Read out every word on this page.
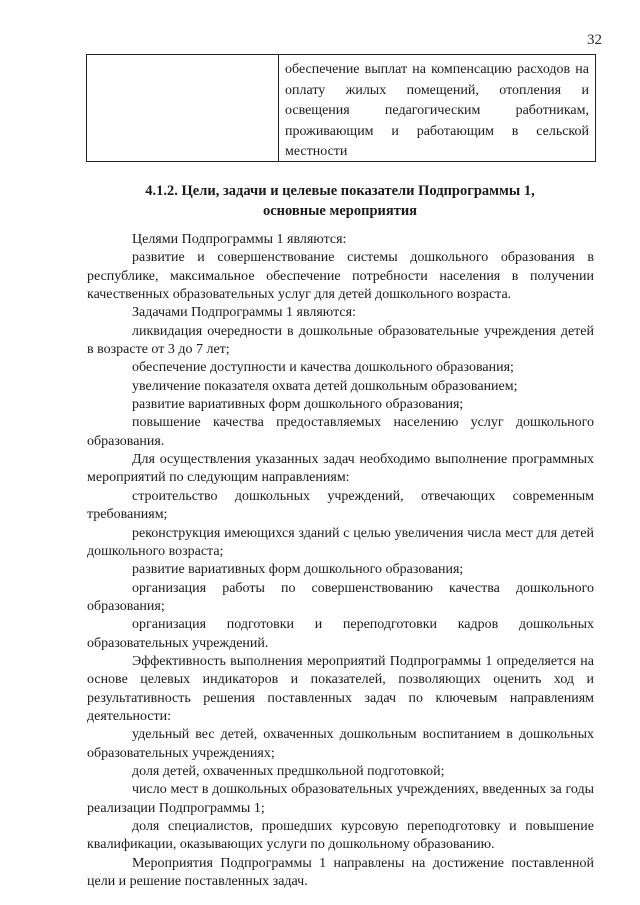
32
обеспечение выплат на компенсацию расходов на оплату жилых помещений, отопления и освещения педагогическим работникам, проживающим и работающим в сельской местности
4.1.2. Цели, задачи и целевые показатели Подпрограммы 1,
основные мероприятия

Целями Подпрограммы 1 являются:

развитие и совершенствование системы дошкольного образования в республике, максимальное обеспечение потребности населения в получении качественных образовательных услуг для детей дошкольного возраста.

Задачами Подпрограммы 1 являются:

ликвидация очередности в дошкольные образовательные учреждения детей в возрасте от 3 до 7 лет;

обеспечение доступности и качества дошкольного образования;

увеличение показателя охвата детей дошкольным образованием;

развитие вариативных форм дошкольного образования;

повышение качества предоставляемых населению услуг дошкольного образования.

Для осуществления указанных задач необходимо выполнение программных мероприятий по следующим направлениям:

строительство дошкольных учреждений, отвечающих современным требованиям;

реконструкция имеющихся зданий с целью увеличения числа мест для детей дошкольного возраста;

развитие вариативных форм дошкольного образования;

организация работы по совершенствованию качества дошкольного образования;

организация подготовки и переподготовки кадров дошкольных образовательных учреждений.

Эффективность выполнения мероприятий Подпрограммы 1 определяется на основе целевых индикаторов и показателей, позволяющих оценить ход и результативность решения поставленных задач по ключевым направлениям деятельности:

удельный вес детей, охваченных дошкольным воспитанием в дошкольных образовательных учреждениях;

доля детей, охваченных предшкольной подготовкой;

число мест в дошкольных образовательных учреждениях, введенных за годы реализации Подпрограммы 1;

доля специалистов, прошедших курсовую переподготовку и повышение квалификации, оказывающих услуги по дошкольному образованию.

Мероприятия Подпрограммы 1 направлены на достижение поставленной цели и решение поставленных задач.
